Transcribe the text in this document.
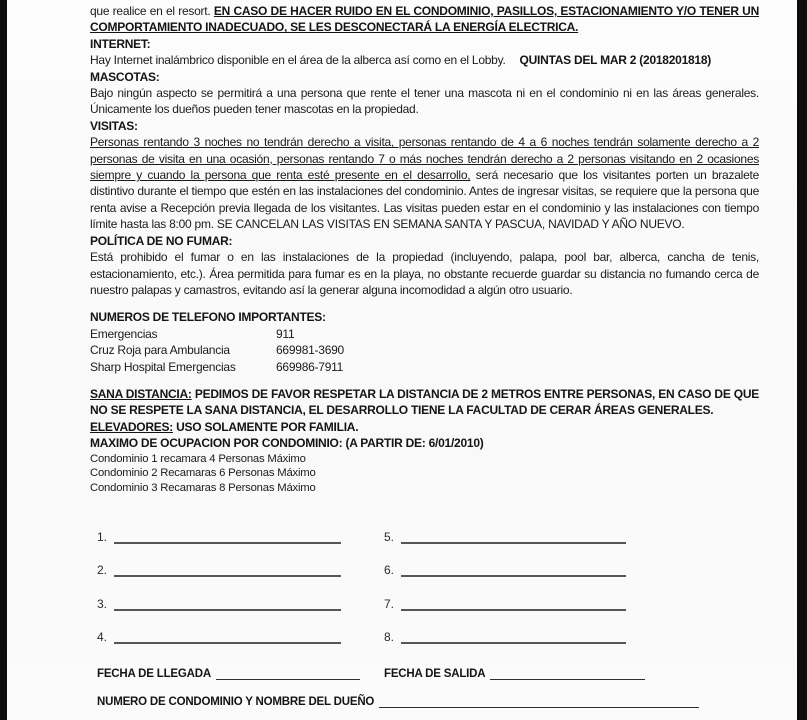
que realice en el resort. EN CASO DE HACER RUIDO EN EL CONDOMINIO, PASILLOS, ESTACIONAMIENTO Y/O TENER UN COMPORTAMIENTO INADECUADO, SE LES DESCONECTARÁ LA ENERGÍA ELECTRICA.

INTERNET:

Hay Internet inalámbrico disponible en el área de la alberca así como en el Lobby. QUINTAS DEL MAR 2 (2018201818)

MASCOTAS:

Bajo ningún aspecto se permitirá a una persona que rente el tener una mascota ni en el condominio ni en las áreas generales. Únicamente los dueños pueden tener mascotas en la propiedad.

VISITAS:

Personas rentando 3 noches no tendrán derecho a visita, personas rentando de 4 a 6 noches tendrán solamente derecho a 2 personas de visita en una ocasión, personas rentando 7 o más noches tendrán derecho a 2 personas visitando en 2 ocasiones siempre y cuando la persona que renta esté presente en el desarrollo, será necesario que los visitantes porten un brazalete distintivo durante el tiempo que estén en las instalaciones del condominio. Antes de ingresar visitas, se requiere que la persona que renta avise a Recepción previa llegada de los visitantes. Las visitas pueden estar en el condominio y las instalaciones con tiempo límite hasta las 8:00 pm. SE CANCELAN LAS VISITAS EN SEMANA SANTA Y PASCUA, NAVIDAD Y AÑO NUEVO.

POLÍTICA DE NO FUMAR:

Está prohibido el fumar o en las instalaciones de la propiedad (incluyendo, palapa, pool bar, alberca, cancha de tenis, estacionamiento, etc.). Área permitida para fumar es en la playa, no obstante recuerde guardar su distancia no fumando cerca de nuestro palapas y camastros, evitando así la generar alguna incomodidad a algún otro usuario.

NUMEROS DE TELEFONO IMPORTANTES:

Emergencias	911
Cruz Roja para Ambulancia	669981-3690
Sharp Hospital Emergencias	669986-7911

SANA DISTANCIA: PEDIMOS DE FAVOR RESPETAR LA DISTANCIA DE 2 METROS ENTRE PERSONAS, EN CASO DE QUE NO SE RESPETE LA SANA DISTANCIA, EL DESARROLLO TIENE LA FACULTAD DE CERAR ÁREAS GENERALES.

ELEVADORES: USO SOLAMENTE POR FAMILIA.

MAXIMO DE OCUPACION POR CONDOMINIO: (A PARTIR DE: 6/01/2010)

Condominio 1 recamara 4 Personas Máximo

Condominio 2 Recamaras 6 Personas Máximo

Condominio 3 Recamaras 8 Personas Máximo

1.	5.
2.	6.
3.	7.
4.	8.
FECHA DE LLEGADA	FECHA DE SALIDA
NUMERO DE CONDOMINIO Y NOMBRE DEL DUEÑO
